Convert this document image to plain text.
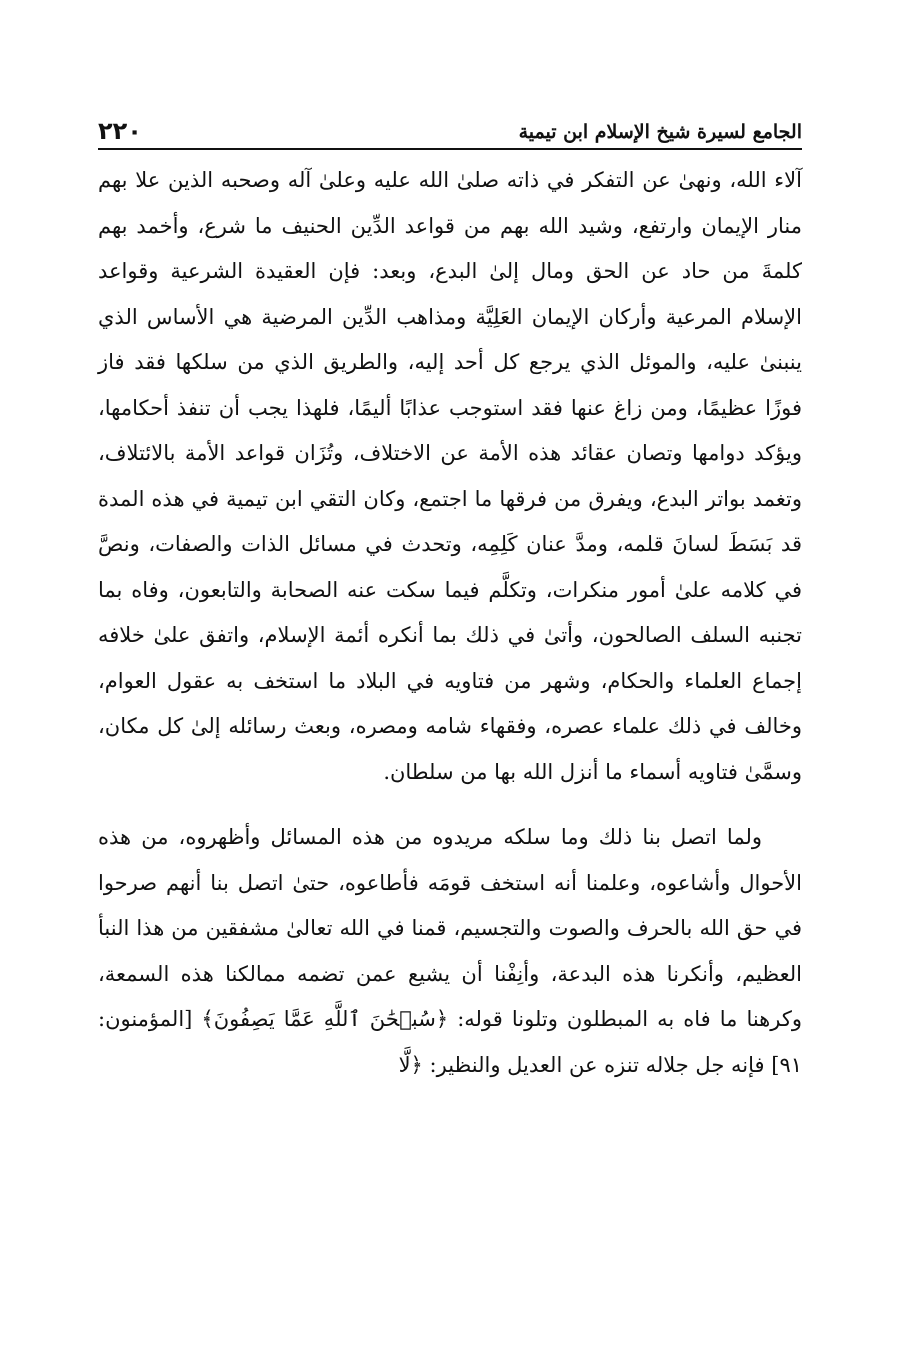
الجامع لسيرة شيخ الإسلام ابن تيمية
٢٢٠

آلاء الله، ونهىٰ عن التفكر في ذاته صلىٰ الله عليه وعلىٰ آله وصحبه الذين علا بهم منار الإيمان وارتفع، وشيد الله بهم من قواعد الدِّين الحنيف ما شرع، وأخمد بهم كلمةَ من حاد عن الحق ومال إلىٰ البدع، وبعد: فإن العقيدة الشرعية وقواعد الإسلام المرعية وأركان الإيمان العَلِيَّة ومذاهب الدِّين المرضية هي الأساس الذي ينبنىٰ عليه، والموئل الذي يرجع كل أحد إليه، والطريق الذي من سلكها فقد فاز فوزًا عظيمًا، ومن زاغ عنها فقد استوجب عذابًا أليمًا، فلهذا يجب أن تنفذ أحكامها، ويؤكد دوامها وتصان عقائد هذه الأمة عن الاختلاف، وتُزَان قواعد الأمة بالائتلاف، وتغمد بواتر البدع، ويفرق من فرقها ما اجتمع، وكان التقي ابن تيمية في هذه المدة قد بَسَطَ لسانَ قلمه، ومدَّ عنان كَلِمِه، وتحدث في مسائل الذات والصفات، ونصَّ في كلامه علىٰ أمور منكرات، وتكلَّم فيما سكت عنه الصحابة والتابعون، وفاه بما تجنبه السلف الصالحون، وأتىٰ في ذلك بما أنكره أئمة الإسلام، واتفق علىٰ خلافه إجماع العلماء والحكام، وشهر من فتاويه في البلاد ما استخف به عقول العوام، وخالف في ذلك علماء عصره، وفقهاء شامه ومصره، وبعث رسائله إلىٰ كل مكان، وسمَّىٰ فتاويه أسماء ما أنزل الله بها من سلطان.

ولما اتصل بنا ذلك وما سلكه مريدوه من هذه المسائل وأظهروه، من هذه الأحوال وأشاعوه، وعلمنا أنه استخف قومَه فأطاعوه، حتىٰ اتصل بنا أنهم صرحوا في حق الله بالحرف والصوت والتجسيم، قمنا في الله تعالىٰ مشفقين من هذا النبأ العظيم، وأنكرنا هذه البدعة، وأنِفْنا أن يشيع عمن تضمه ممالكنا هذه السمعة، وكرهنا ما فاه به المبطلون وتلونا قوله: ﴿سُبۡحَٰنَ ٱللَّهِ عَمَّا يَصِفُونَ﴾ [المؤمنون: ٩١] فإنه جل جلاله تنزه عن العديل والنظير: ﴿لَّا
